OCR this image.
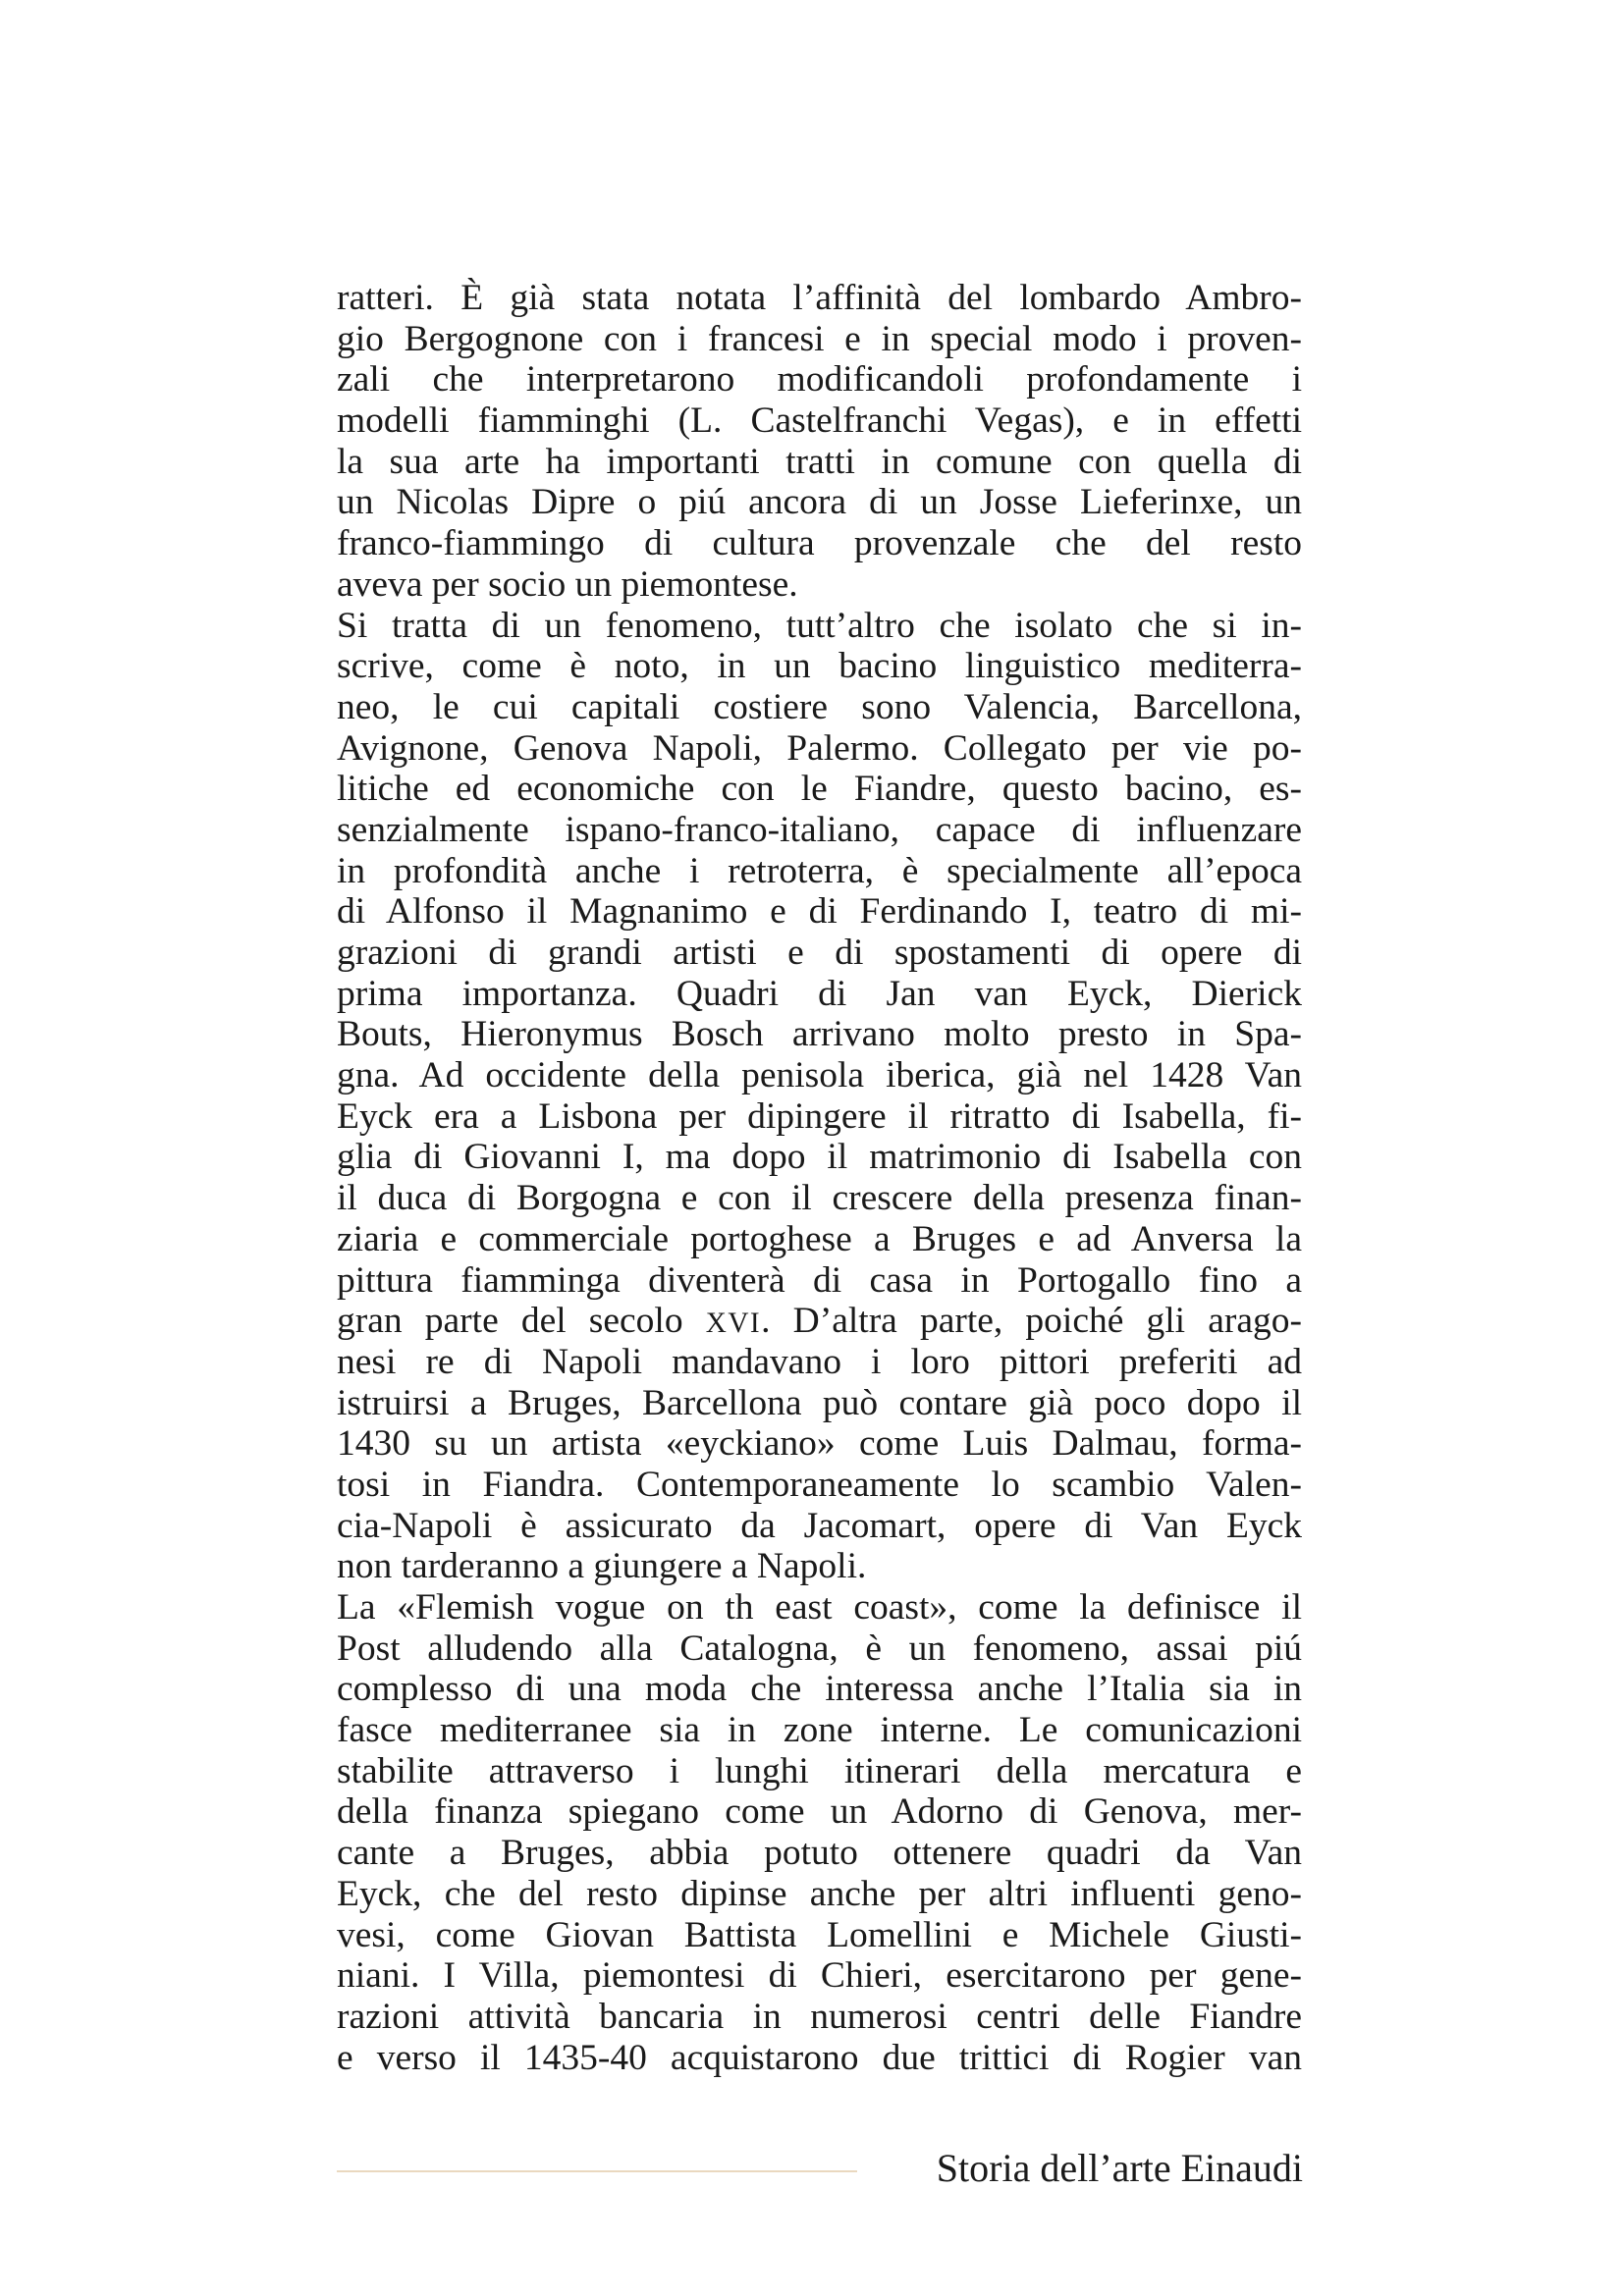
ratteri. È già stata notata l’affinità del lombardo Ambro-
gio Bergognone con i francesi e in special modo i proven-
zali che interpretarono modificandoli profondamente i
modelli fiamminghi (L. Castelfranchi Vegas), e in effetti
la sua arte ha importanti tratti in comune con quella di
un Nicolas Dipre o piú ancora di un Josse Lieferinxe, un
franco-fiammingo di cultura provenzale che del resto
aveva per socio un piemontese.
Si tratta di un fenomeno, tutt’altro che isolato che si in-
scrive, come è noto, in un bacino linguistico mediterra-
neo, le cui capitali costiere sono Valencia, Barcellona,
Avignone, Genova Napoli, Palermo. Collegato per vie po-
litiche ed economiche con le Fiandre, questo bacino, es-
senzialmente ispano-franco-italiano, capace di influenzare
in profondità anche i retroterra, è specialmente all’epoca
di Alfonso il Magnanimo e di Ferdinando I, teatro di mi-
grazioni di grandi artisti e di spostamenti di opere di
prima importanza. Quadri di Jan van Eyck, Dierick
Bouts, Hieronymus Bosch arrivano molto presto in Spa-
gna. Ad occidente della penisola iberica, già nel 1428 Van
Eyck era a Lisbona per dipingere il ritratto di Isabella, fi-
glia di Giovanni I, ma dopo il matrimonio di Isabella con
il duca di Borgogna e con il crescere della presenza finan-
ziaria e commerciale portoghese a Bruges e ad Anversa la
pittura fiamminga diventerà di casa in Portogallo fino a
gran parte del secolo XVI. D’altra parte, poiché gli arago-
nesi re di Napoli mandavano i loro pittori preferiti ad
istruirsi a Bruges, Barcellona può contare già poco dopo il
1430 su un artista «eyckiano» come Luis Dalmau, forma-
tosi in Fiandra. Contemporaneamente lo scambio Valen-
cia-Napoli è assicurato da Jacomart, opere di Van Eyck
non tarderanno a giungere a Napoli.
La «Flemish vogue on th east coast», come la definisce il
Post alludendo alla Catalogna, è un fenomeno, assai piú
complesso di una moda che interessa anche l’Italia sia in
fasce mediterranee sia in zone interne. Le comunicazioni
stabilite attraverso i lunghi itinerari della mercatura e
della finanza spiegano come un Adorno di Genova, mer-
cante a Bruges, abbia potuto ottenere quadri da Van
Eyck, che del resto dipinse anche per altri influenti geno-
vesi, come Giovan Battista Lomellini e Michele Giusti-
niani. I Villa, piemontesi di Chieri, esercitarono per gene-
razioni attività bancaria in numerosi centri delle Fiandre
e verso il 1435-40 acquistarono due trittici di Rogier van
Storia dell’arte Einaudi
